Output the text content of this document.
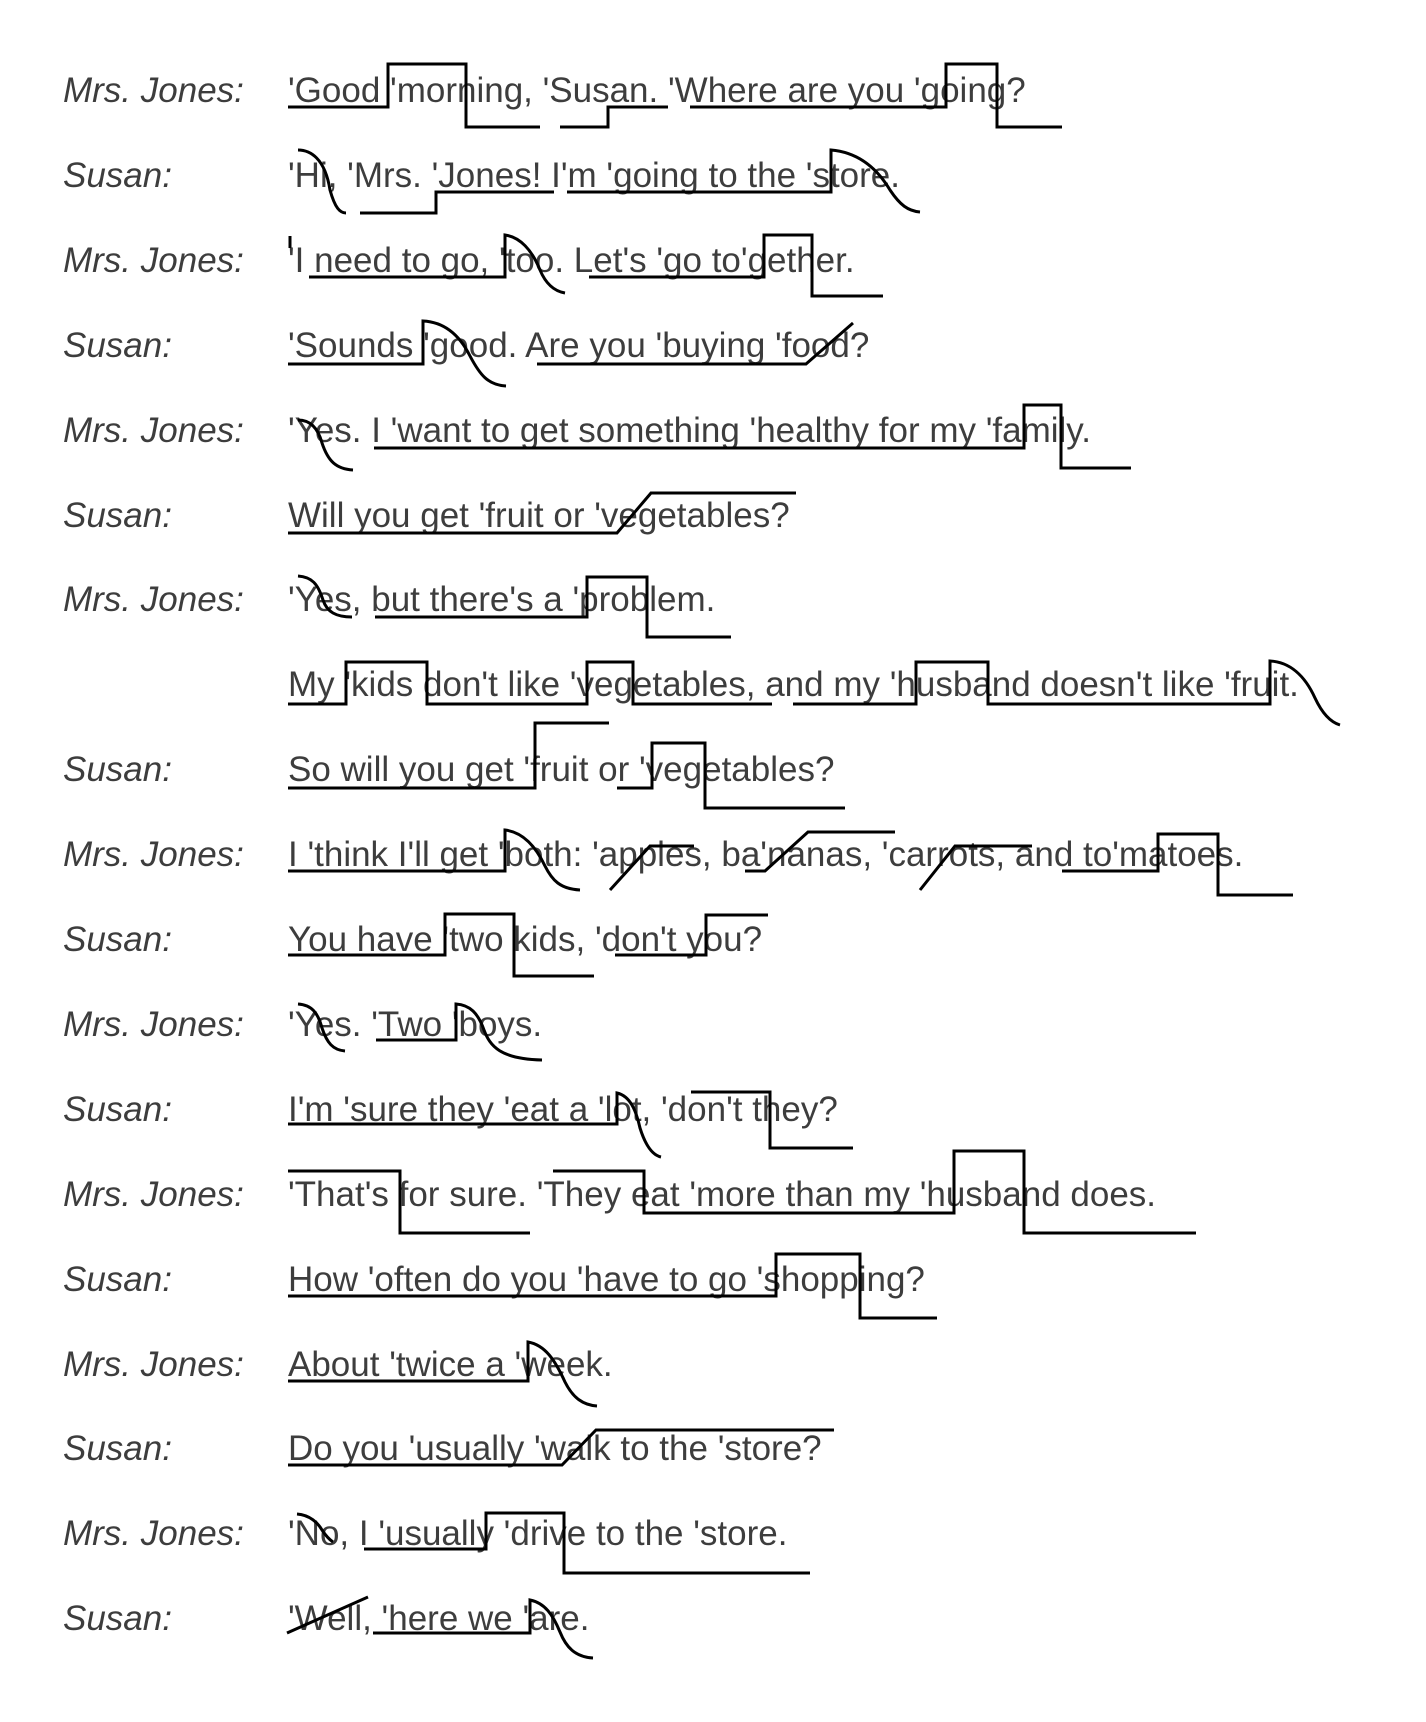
Mrs. Jones: 'Good 'morning, 'Susan. 'Where are you 'going?
Susan:	'Hi, 'Mrs. 'Jones! I'm 'going to the 'store.
Mrs. Jones: 'I need to go, 'too. Let's 'go to'gether.
Susan:	'Sounds 'good. Are you 'buying 'food?
Mrs. Jones: 'Yes. I 'want to get something 'healthy for my 'family.
Susan:	Will you get 'fruit or 'vegetables?
Mrs. Jones: 'Yes, but there's a 'problem.
My 'kids don't like 'vegetables, and my 'husband doesn't like 'fruit.
Susan:	So will you get 'fruit or 'vegetables?
Mrs. Jones: I 'think I'll get 'both: 'apples, ba'nanas, 'carrots, and to'matoes.
Susan:	You have 'two kids, 'don't you?
Mrs. Jones: 'Yes. 'Two 'boys.
Susan:	I'm 'sure they 'eat a 'lot, 'don't they?
Mrs. Jones: 'That's for sure. 'They eat 'more than my 'husband does.
Susan:	How 'often do you 'have to go 'shopping?
Mrs. Jones: About 'twice a 'week.
Susan:	Do you 'usually 'walk to the 'store?
Mrs. Jones: 'No, I 'usually 'drive to the 'store.
Susan:	'Well, 'here we 'are.
